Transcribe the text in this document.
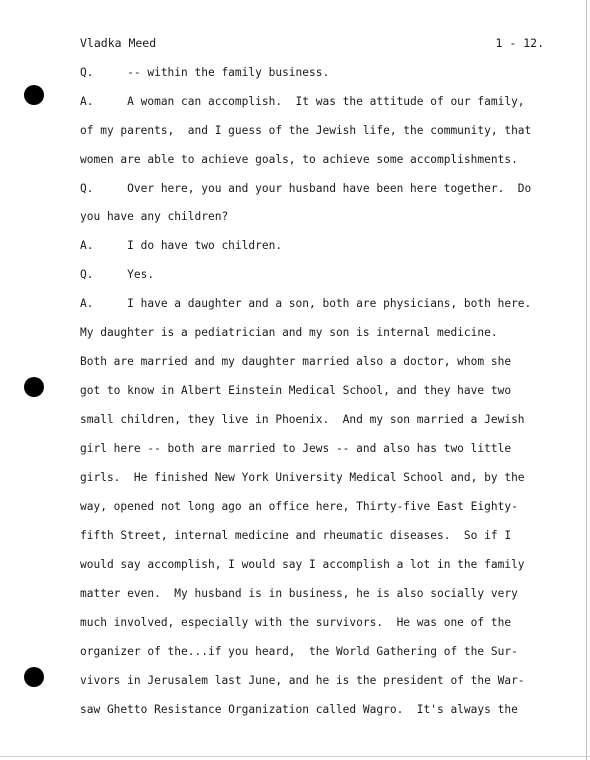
Vladka Meed	1 - 12.
Q.     -- within the family business.
A.     A woman can accomplish.  It was the attitude of our family,
of my parents,  and I guess of the Jewish life, the community, that
women are able to achieve goals, to achieve some accomplishments.
Q.     Over here, you and your husband have been here together.  Do
you have any children?
A.     I do have two children.
Q.     Yes.
A.     I have a daughter and a son, both are physicians, both here.
My daughter is a pediatrician and my son is internal medicine.
Both are married and my daughter married also a doctor, whom she
got to know in Albert Einstein Medical School, and they have two
small children, they live in Phoenix.  And my son married a Jewish
girl here -- both are married to Jews -- and also has two little
girls.  He finished New York University Medical School and, by the
way, opened not long ago an office here, Thirty-five East Eighty-
fifth Street, internal medicine and rheumatic diseases.  So if I
would say accomplish, I would say I accomplish a lot in the family
matter even.  My husband is in business, he is also socially very
much involved, especially with the survivors.  He was one of the
organizer of the...if you heard,  the World Gathering of the Sur-
vivors in Jerusalem last June, and he is the president of the War-
saw Ghetto Resistance Organization called Wagro.  It's always the
